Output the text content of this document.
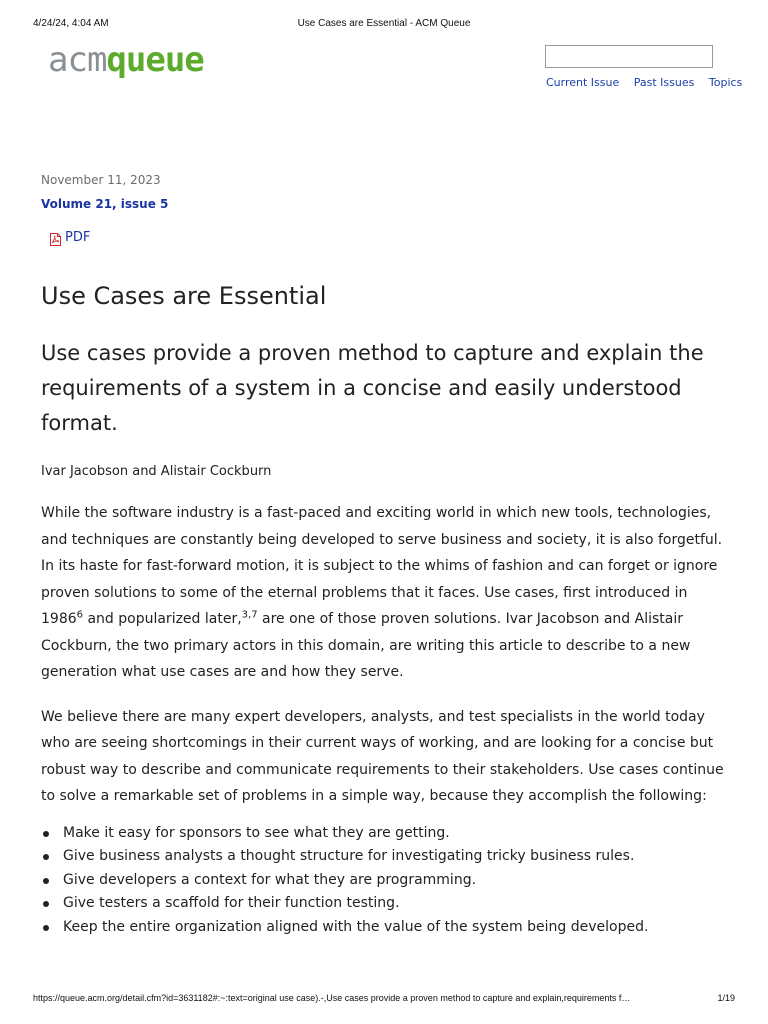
4/24/24, 4:04 AM	Use Cases are Essential - ACM Queue
acmqueue
Current Issue Past Issues Topics

November 11, 2023

Volume 21, issue 5

PDF
Use Cases are Essential
Use cases provide a proven method to capture and explain the requirements of a system in a concise and easily understood format.

Ivar Jacobson and Alistair Cockburn

While the software industry is a fast-paced and exciting world in which new tools, technologies, and techniques are constantly being developed to serve business and society, it is also forgetful. In its haste for fast-forward motion, it is subject to the whims of fashion and can forget or ignore proven solutions to some of the eternal problems that it faces. Use cases, first introduced in 1986$^6$ and popularized later,$^{3,7}$ are one of those proven solutions. Ivar Jacobson and Alistair Cockburn, the two primary actors in this domain, are writing this article to describe to a new generation what use cases are and how they serve.

We believe there are many expert developers, analysts, and test specialists in the world today who are seeing shortcomings in their current ways of working, and are looking for a concise but robust way to describe and communicate requirements to their stakeholders. Use cases continue to solve a remarkable set of problems in a simple way, because they accomplish the following:

Make it easy for sponsors to see what they are getting.
Give business analysts a thought structure for investigating tricky business rules.
Give developers a context for what they are programming.
Give testers a scaffold for their function testing.
Keep the entire organization aligned with the value of the system being developed.
https://queue.acm.org/detail.cfm?id=3631182#:~:text=original use case).-,Use cases provide a proven method to capture and explain,requirements f…	1/19
